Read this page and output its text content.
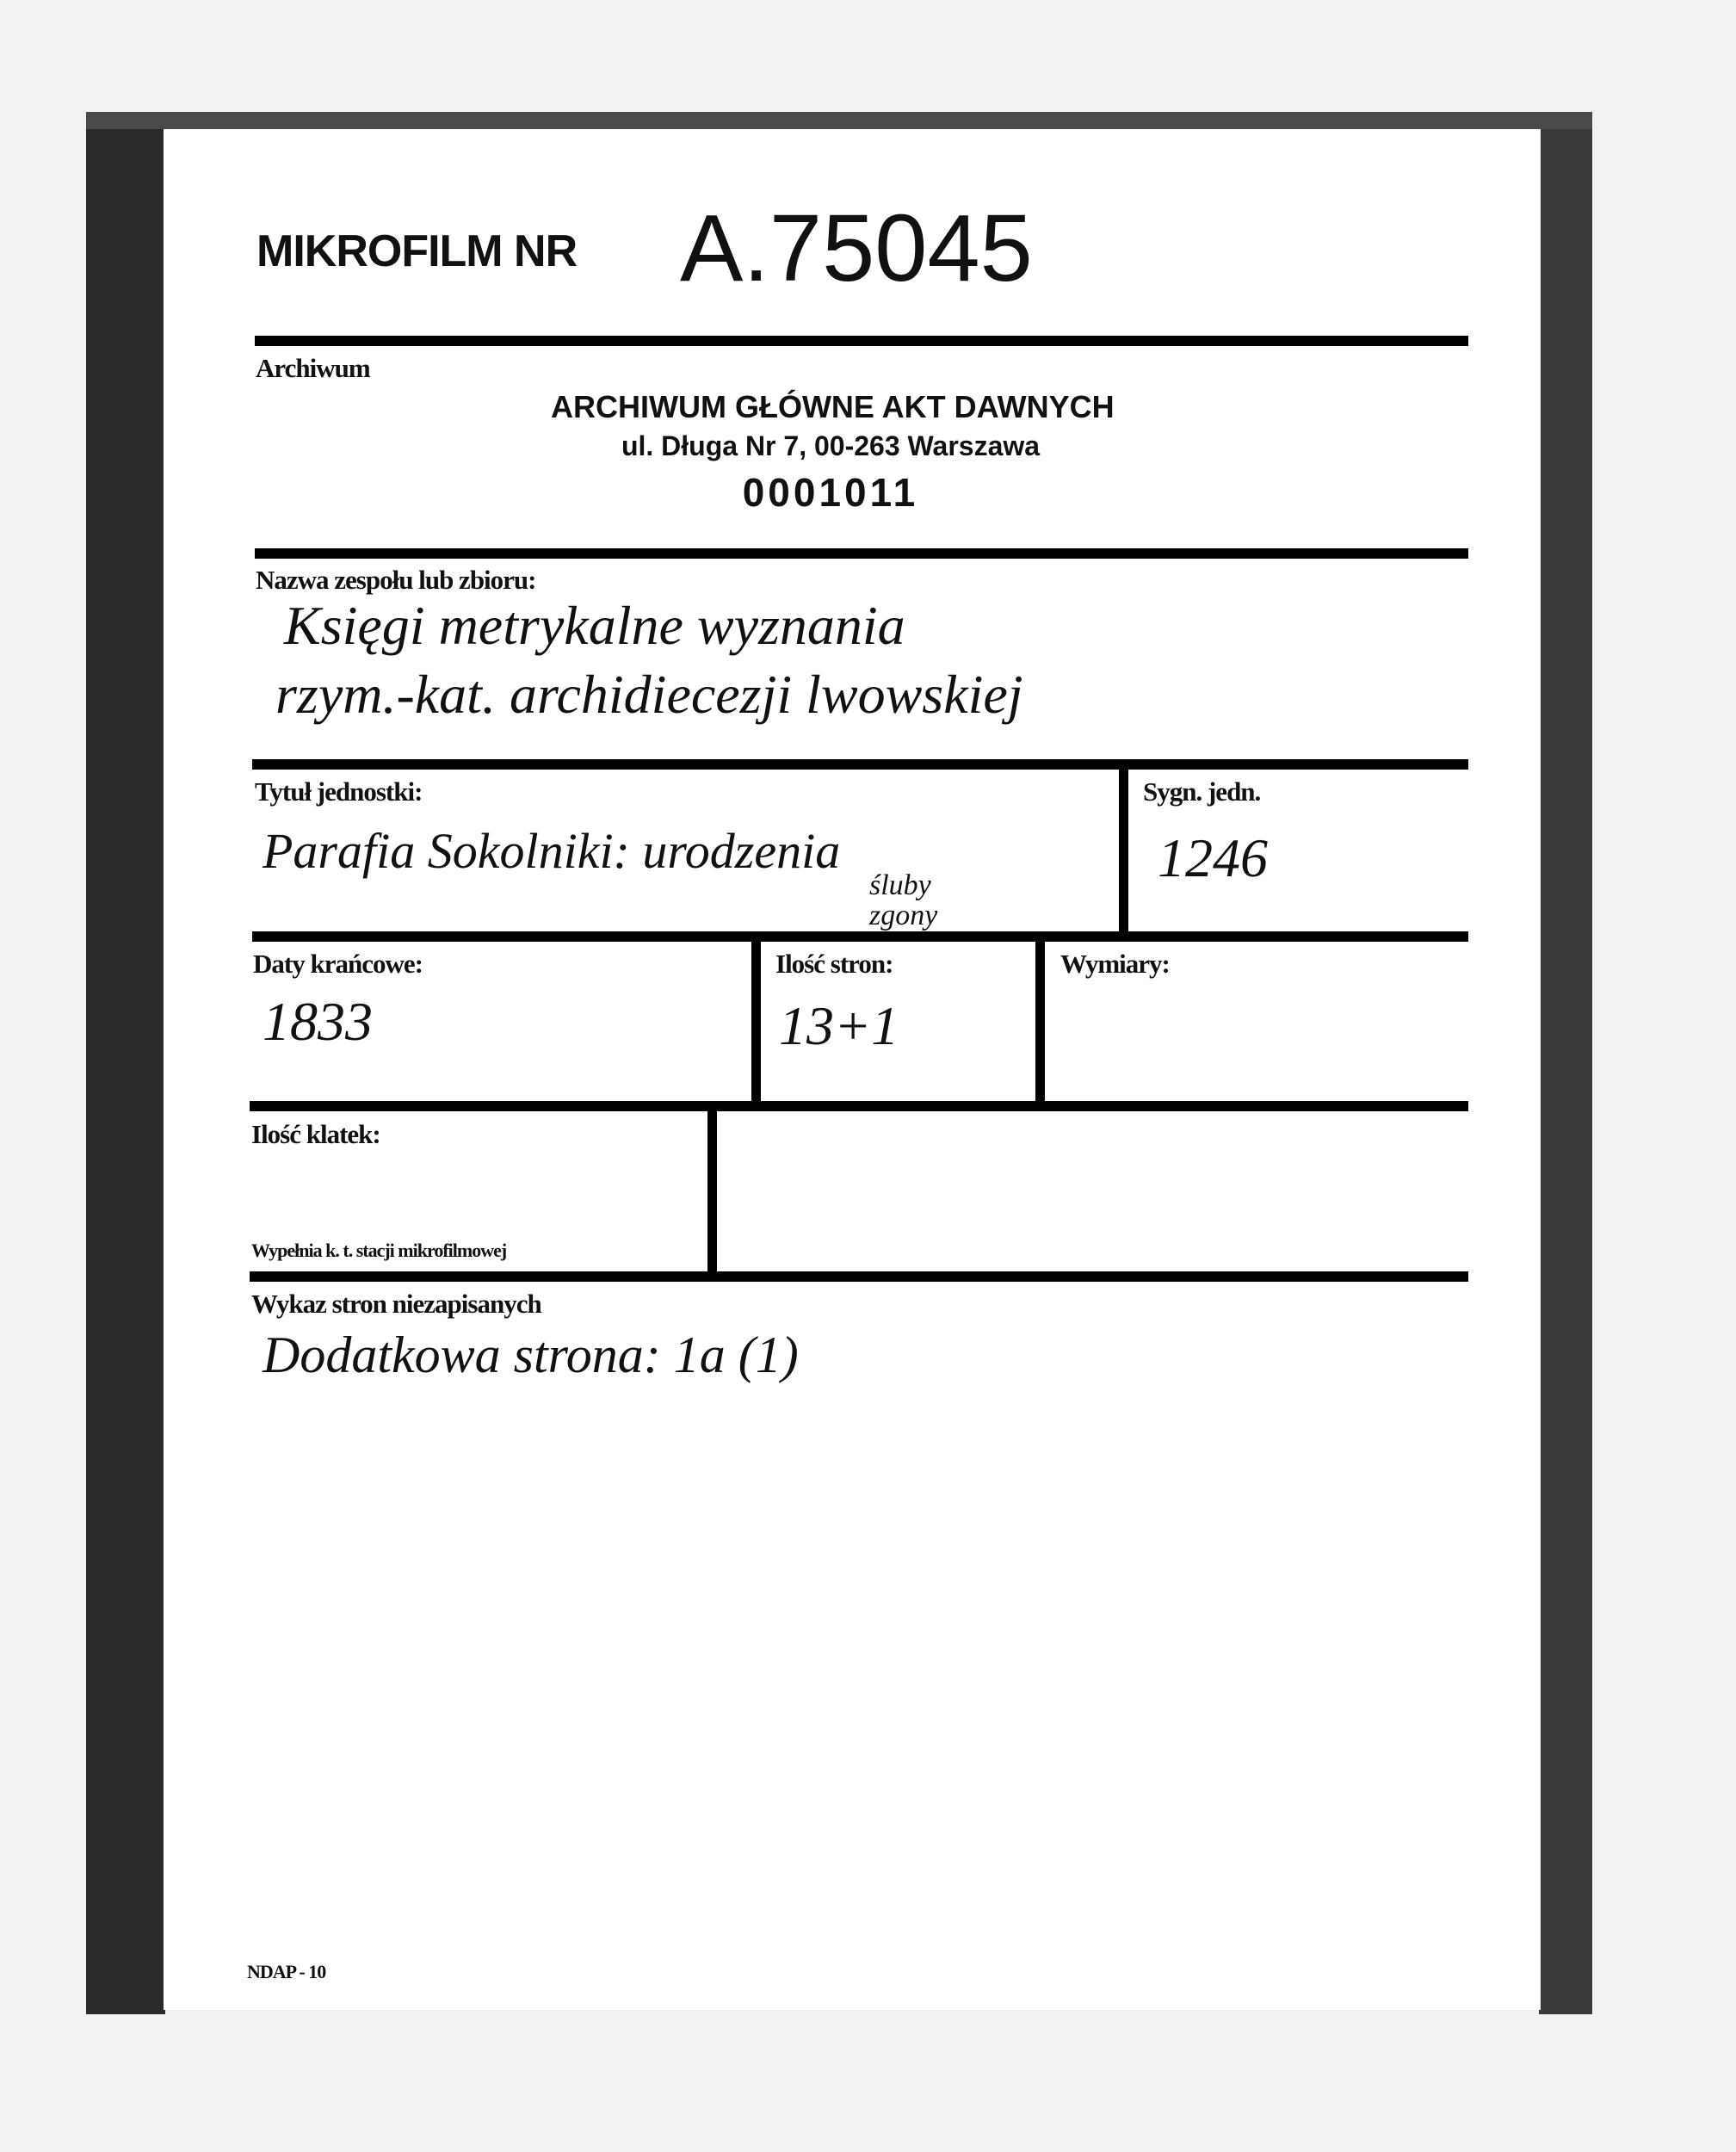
MIKROFILM NR A.75045
Archiwum
ARCHIWUM GŁÓWNE AKT DAWNYCH
ul. Długa Nr 7, 00-263 Warszawa
0001011
Nazwa zespołu lub zbioru:
Księgi metrykalne wyznania
rzym.-kat. archidiecezji lwowskiej
Tytuł jednostki:
Parafia Sokolniki: urodzenia
śluby
zgony
Sygn. jedn.
1246
Daty krańcowe:
1833
Ilość stron:
13+1
Wymiary:
Ilość klatek:
Wypełnia k. t. stacji mikrofilmowej
Wykaz stron niezapisanych
Dodatkowa strona: 1a (1)
NDAP - 10
